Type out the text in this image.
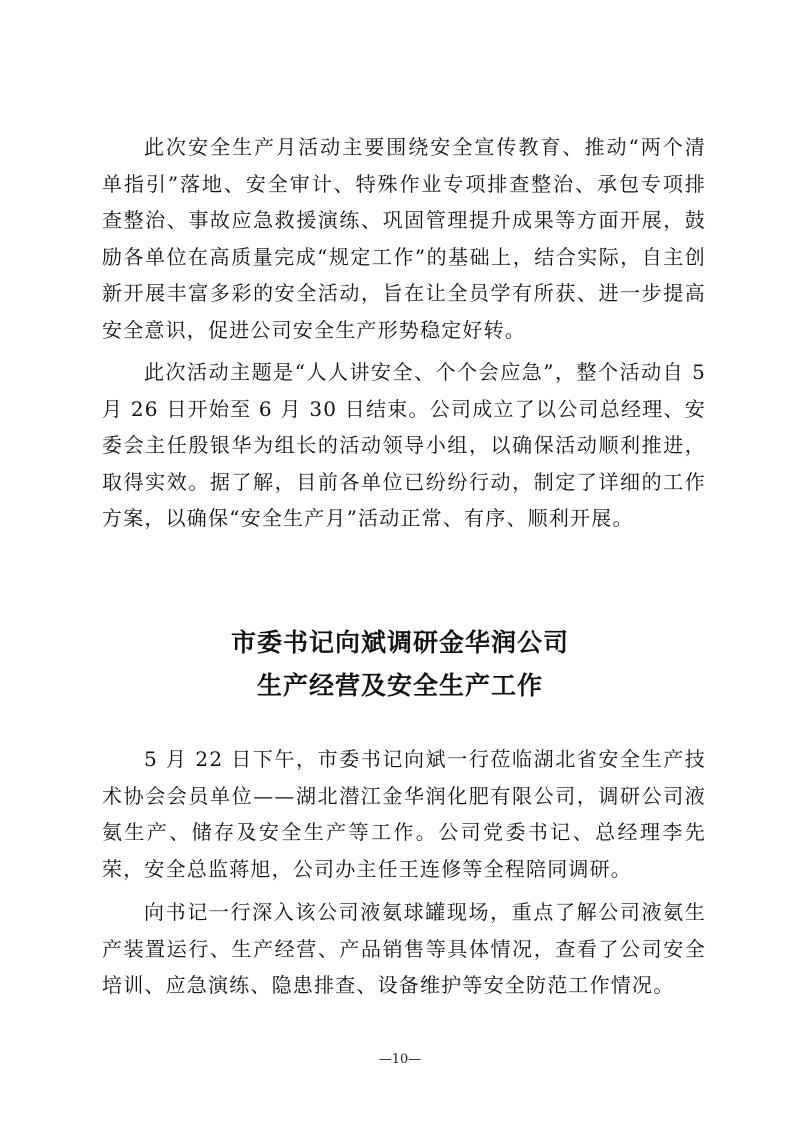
此次安全生产月活动主要围绕安全宣传教育、推动“两个清单指引”落地、安全审计、特殊作业专项排查整治、承包专项排查整治、事故应急救援演练、巩固管理提升成果等方面开展，鼓励各单位在高质量完成“规定工作”的基础上，结合实际，自主创新开展丰富多彩的安全活动，旨在让全员学有所获、进一步提高安全意识，促进公司安全生产形势稳定好转。

此次活动主题是“人人讲安全、个个会应急”，整个活动自 5 月 26 日开始至 6 月 30 日结束。公司成立了以公司总经理、安委会主任殷银华为组长的活动领导小组，以确保活动顺利推进，取得实效。据了解，目前各单位已纷纷行动，制定了详细的工作方案，以确保“安全生产月”活动正常、有序、顺利开展。

市委书记向斌调研金华润公司
生产经营及安全生产工作

5 月 22 日下午，市委书记向斌一行莅临湖北省安全生产技术协会会员单位——湖北潜江金华润化肥有限公司，调研公司液氨生产、储存及安全生产等工作。公司党委书记、总经理李先荣，安全总监蒋旭，公司办主任王连修等全程陪同调研。

向书记一行深入该公司液氨球罐现场，重点了解公司液氨生产装置运行、生产经营、产品销售等具体情况，查看了公司安全培训、应急演练、隐患排查、设备维护等安全防范工作情况。

—10—
